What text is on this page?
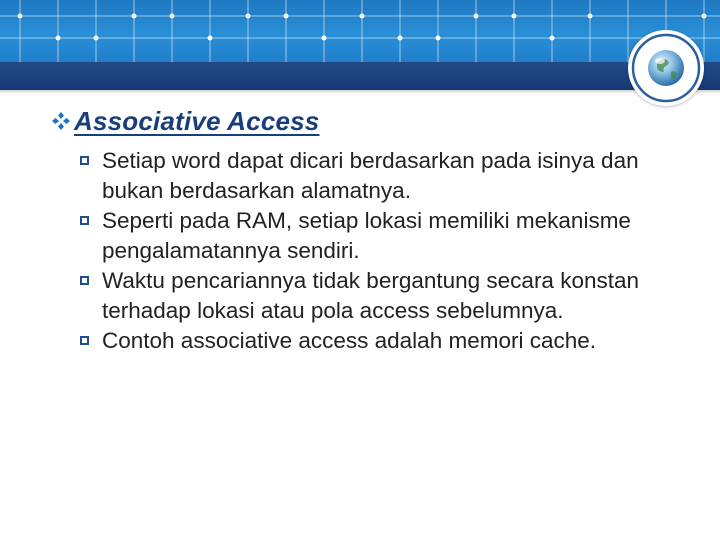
Associative Access
Setiap word dapat dicari berdasarkan pada isinya dan bukan berdasarkan alamatnya.
Seperti pada RAM, setiap lokasi memiliki mekanisme pengalamatannya sendiri.
Waktu pencariannya tidak bergantung secara konstan terhadap lokasi atau pola access sebelumnya.
Contoh associative access adalah memori cache.
